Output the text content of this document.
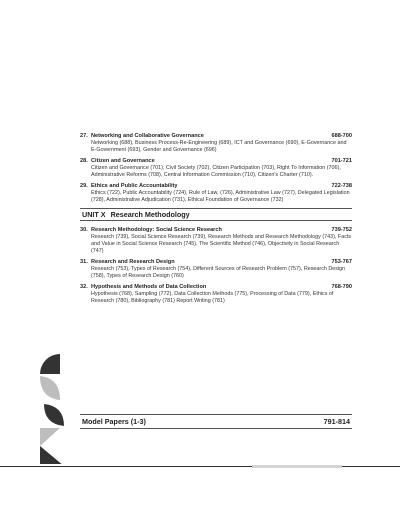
27. Networking and Collaborative Governance	688-700
Networking (688), Business Process-Re-Engineering (689), ICT and Governance (690), E-Governance and E-Government (693), Gender and Governance (696)
28. Citizen and Governance	701-721
Citizen and Governance (701), Civil Society (702), Citizen Participation (703), Right To Information (706), Administrative Reforms (708), Central Information Commission (710), Citizen's Charter (710).
29. Ethics and Public Accountability	722-738
Ethics (722), Public Accountability (724), Rule of Law, (726), Administrative Law (727), Delegated Legislation (728), Administrative Adjudication (731), Ethical Foundation of Governance (732)
UNIT X Research Methodology
30. Research Methodology: Social Science Research	739-752
Research (739), Social Science Research (739), Research Methods and Research Methodology (743), Facts and Value in Social Science Research (745), The Scientific Method (746), Objectivity in Social Research (747)
31. Research and Research Design	753-767
Research (753), Types of Research (754), Different Sources of Research Problem (757), Research Design (758), Types of Research Design (760)
32. Hypothesis and Methods of Data Collection	768-790
Hypothesis (768), Sampling (772), Data Collection Methods (775), Processing of Data (779), Ethics of Research (780), Bibliography (781) Report Writing (781)
Model Papers (1-3)	791-814
